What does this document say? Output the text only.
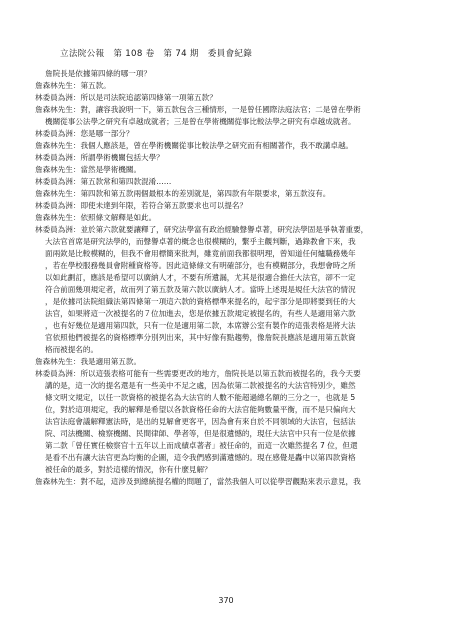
立法院公報　第 108 卷　第 74 期　委員會紀錄
詹院長是依據第四條的哪一項？
詹森林先生：第五款。
林委員為洲：所以是司法院追認第四條第一項第五款？
詹森林先生：對，讓容我說明一下，第五款包含三種情形，一是曾任國際法庭法官；二是曾在學術
機關從事公法學之研究有卓越成就者；三是曾在學術機關從事比較法學之研究有卓越成就者。
林委員為洲：您是哪一部分？
詹森林先生：我個人應該是，曾在學術機關從事比較法學之研究而有相關著作，我不敢講卓越。
林委員為洲：所謂學術機關包括大學？
詹森林先生：當然是學術機關。
林委員為洲：第五款常和第四款混淆……
詹森林先生：第四款和第五款兩個最根本的差別就是，第四款有年限要求，第五款沒有。
林委員為洲：即使未達到年限，若符合第五款要求也可以提名？
詹森林先生：依照條文解釋是如此。
林委員為洲：並於第六款就要讓釋了，研究法學富有政治經驗聲譽卓著，研究法學固是爭執著重要，
大法官首席是研究法學的，而聲譽卓著的概念也很模糊的，繫乎主觀判斷，過錄教會下來，我
面兩欽是比較模糊的，但我不會用標簡來批判，雖竟前面我都很明理，曾知道任何爐職務幾年
，若在學校服務幾員會附種資格等。因此這條條文有明確部分，也有模糊部分，我想會時之所
以如此劃訂，應該是希望可以廣納人才，不要有所遺漏，尤其是很適合擔任大法官，卻不一定
符合前面幾項規定者，故而列了第五款及第六款以廣納人才。當時上述現是規任大法官的情況
，是依據司法院組織法第四條第一項這六款的資格標準來提名的，起宇部分是即將要到任的大
法官，如果將這一次被提名的７位加進去，您是依據五款規定被提名的，有些人是適用第六款
，也有好幾位是適用第四款，只有一位是適用第二款，本席辦公室有製作的這張表格是將大法
官依照他們被提名的資格標準分別列出來，其中好像有點趨勢，像詹院長應該是適用第五款資
格而被提名的。
詹森林先生：我是適用第五款。
林委員為洲：所以這張表格可能有一些需要更改的地方，詹院長是以第五款而被提名的，我今天要
講的是，這一次的提名還是有一些美中不足之處，因為依第二款被提名的大法官特別少，雖然
條文明文規定，以任一款資格的被提名為大法官的人數不能超過總名額的三分之一，也就是 5
位，對於這項規定，我的解釋是希望以各款資格任命的大法官能夠數量平衡，而不是只偏向大
法官法庭會議解釋憲法時，是出的見解會更客平，因為會有來自於不同領域的大法官，包括法
院、司法機關、檢察機關、民間律師、學者等，但是很遺憾的，現任大法官中只有一位是依據
第二款「曾任實任檢察官十五年以上而成績卓著者」被任命的，而這一次雖然提名 7 位，但還
是看不出有讓大法官更為均衡的企圖，這令我們感到滿遺憾的。現在感覺是轟中以第四款資格
被任命的最多，對於這樣的情況，你有什麼見解？
詹森林先生：對不起，這涉及到總統提名權的問題了，當然我個人可以從學習觀點來表示意見，我
370
